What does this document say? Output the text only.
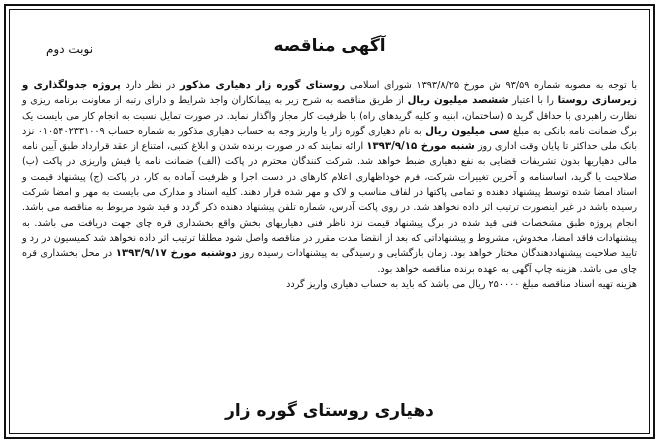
نوبت دوم	آگهی مناقصه
با توجه به مصوبه شماره ۹۳/۵۹ ش مورخ ۱۳۹۳/۸/۲۵ شورای اسلامی روستای گوره زار دهیاری مذکور در نظر دارد پروژه جدولگذاری و زیرسازی روستا را با اعتبار ششصد میلیون ریال از طریق مناقصه به شرح زیر به پیمانکاران واجد شرایط و دارای رتبه از معاونت برنامه ریزی و نظارت راهبردی با حداقل گرید ۵ (ساختمان، ابنیه و کلیه گریدهای راه) با ظرفیت کار مجاز واگذار نماید. در صورت تمایل نسبت به انجام کار می بایست یک برگ ضمانت نامه بانکی به مبلغ سی میلیون ریال به نام دهیاری گوره زار یا واریز وجه به حساب دهیاری مذکور به شماره حساب ۰۱۰۵۴۰۲۳۳۱۰۰۹ نزد بانک ملی حداکثر تا پایان وقت اداری روز شنبه مورخ ۱۳۹۳/۹/۱۵ ارائه نمایند که در صورت برنده شدن و ابلاغ کتبی، امتناع از عقد قرارداد طبق آیین نامه مالی دهیاریها بدون تشریفات قضایی به نفع دهیاری ضبط خواهد شد. شرکت کنندگان محترم در پاکت (الف) ضمانت نامه یا فیش واریزی در پاکت (ب) صلاحیت یا گرید، اساسنامه و آخرین تغییرات شرکت، فرم خوداظهاری اعلام کارهای در دست اجرا و ظرفیت آماده به کار، در پاکت (ج) پیشنهاد قیمت و اسناد امضا شده توسط پیشنهاد دهنده و تمامی پاکتها در لفاف مناسب و لاک و مهر شده قرار دهند. کلیه اسناد و مدارک می بایست به مهر و امضا شرکت رسیده باشد در غیر اینصورت ترتیب اثر داده نخواهد شد. در روی پاکت آدرس، شماره تلفن پیشنهاد دهنده ذکر گردد و قید شود مربوط به مناقصه می باشد. انجام پروژه طبق مشخصات فنی قید شده در برگ پیشنهاد قیمت نزد ناظر فنی دهیاریهای بخش واقع بخشداری قره چای جهت دریافت می باشد. به پیشنهادات فاقد امضا، مخدوش، مشروط و پیشنهاداتی که بعد از انقضا مدت مقرر در مناقصه واصل شود مطلقا ترتیب اثر داده نخواهد شد کمیسیون در رد و تایید صلاحیت پیشنهاددهندگان مختار خواهد بود. زمان بازگشایی و رسیدگی به پیشنهادات رسیده روز دوشنبه مورخ ۱۳۹۳/۹/۱۷ در محل بخشداری قره چای می باشد. هزینه چاپ آگهی به عهده برنده مناقصه خواهد بود.
هزینه تهیه اسناد مناقصه مبلغ ۲۵۰۰۰۰ ریال می باشد که باید به حساب دهیاری واریز گردد
دهیاری روستای گوره زار
